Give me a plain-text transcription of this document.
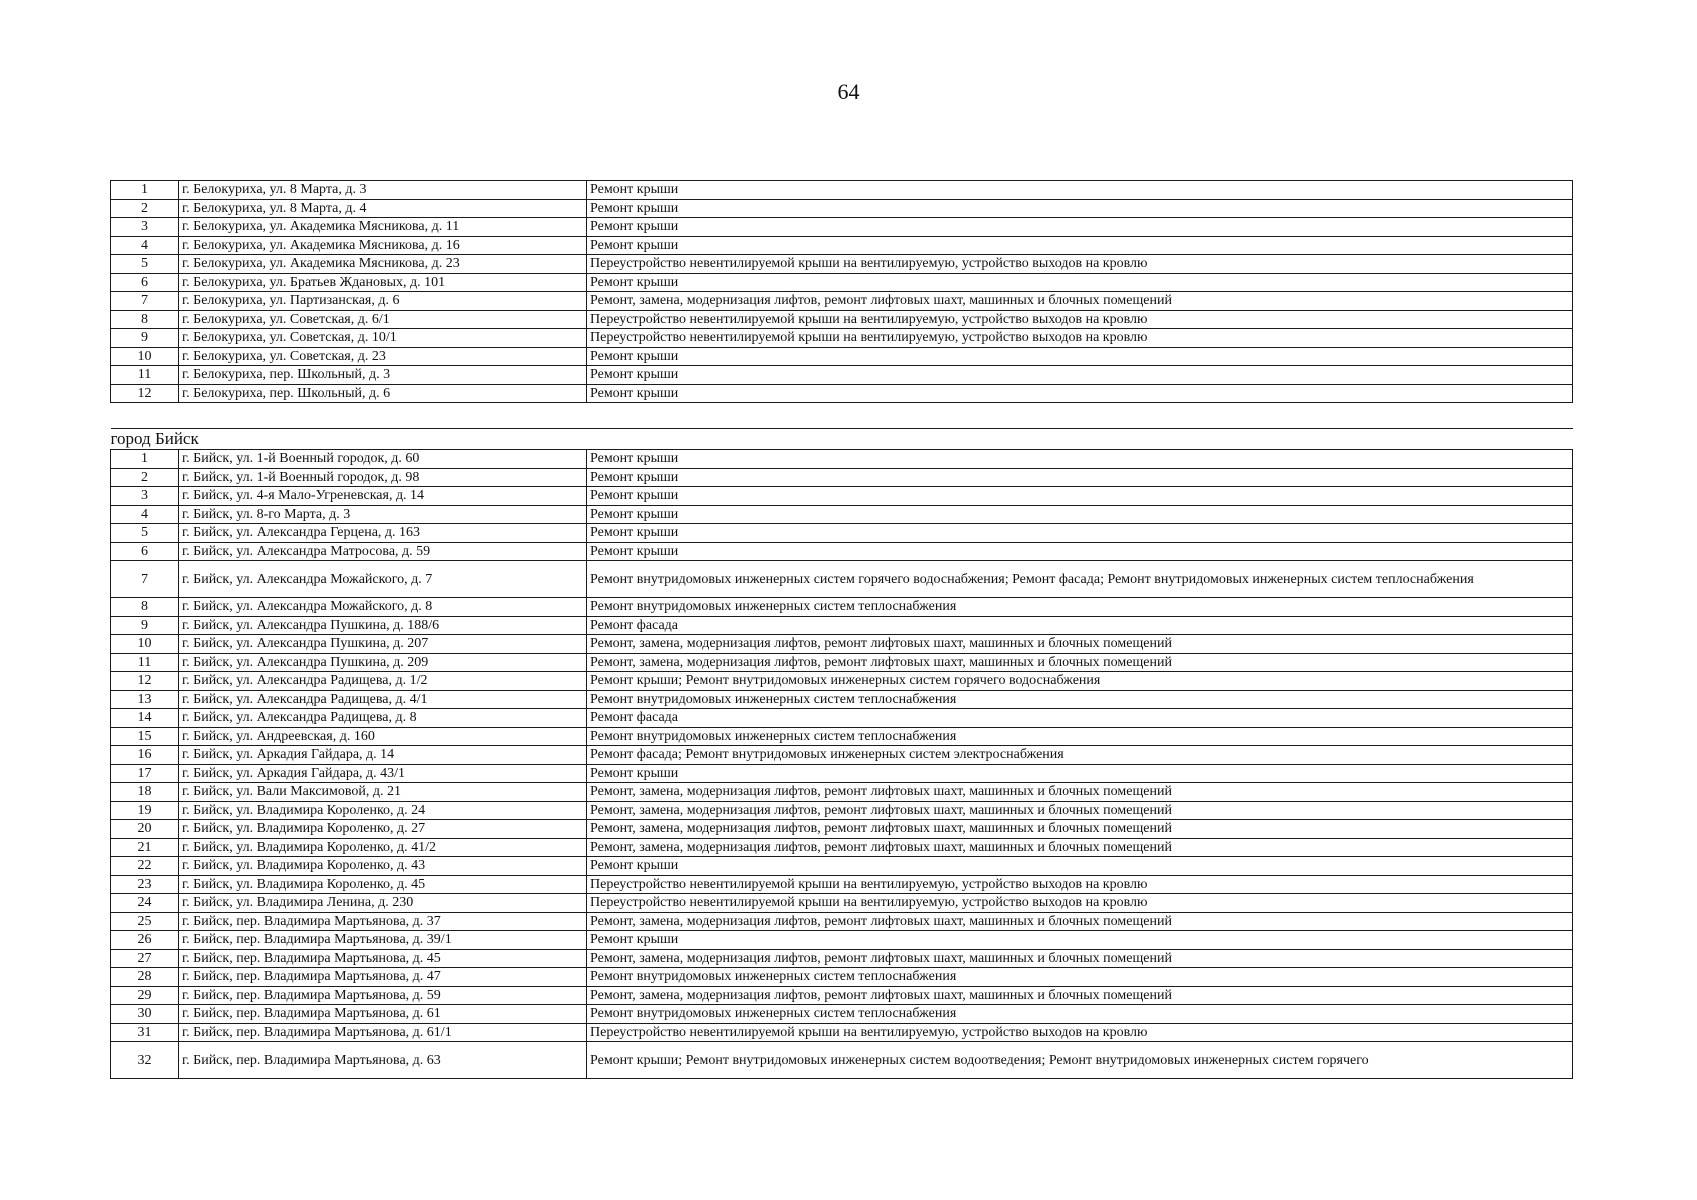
64
1	г. Белокуриха, ул. 8 Марта, д. 3	Ремонт крыши
2	г. Белокуриха, ул. 8 Марта, д. 4	Ремонт крыши
3	г. Белокуриха, ул. Академика Мясникова, д. 11	Ремонт крыши
4	г. Белокуриха, ул. Академика Мясникова, д. 16	Ремонт крыши
5	г. Белокуриха, ул. Академика Мясникова, д. 23	Переустройство невентилируемой крыши на вентилируемую, устройство выходов на кровлю
6	г. Белокуриха, ул. Братьев Ждановых, д. 101	Ремонт крыши
7	г. Белокуриха, ул. Партизанская, д. 6	Ремонт, замена, модернизация лифтов, ремонт лифтовых шахт, машинных и блочных помещений
8	г. Белокуриха, ул. Советская, д. 6/1	Переустройство невентилируемой крыши на вентилируемую, устройство выходов на кровлю
9	г. Белокуриха, ул. Советская, д. 10/1	Переустройство невентилируемой крыши на вентилируемую, устройство выходов на кровлю
10	г. Белокуриха, ул. Советская, д. 23	Ремонт крыши
11	г. Белокуриха, пер. Школьный, д. 3	Ремонт крыши
12	г. Белокуриха, пер. Школьный, д. 6	Ремонт крыши

город Бийск		
1	г. Бийск, ул. 1-й Военный городок, д. 60	Ремонт крыши
2	г. Бийск, ул. 1-й Военный городок, д. 98	Ремонт крыши
3	г. Бийск, ул. 4-я Мало-Угреневская, д. 14	Ремонт крыши
4	г. Бийск, ул. 8-го Марта, д. 3	Ремонт крыши
5	г. Бийск, ул. Александра Герцена, д. 163	Ремонт крыши
6	г. Бийск, ул. Александра Матросова, д. 59	Ремонт крыши
7	г. Бийск, ул. Александра Можайского, д. 7	Ремонт внутридомовых инженерных систем горячего водоснабжения; Ремонт фасада; Ремонт внутридомовых инженерных систем теплоснабжения
8	г. Бийск, ул. Александра Можайского, д. 8	Ремонт внутридомовых инженерных систем теплоснабжения
9	г. Бийск, ул. Александра Пушкина, д. 188/6	Ремонт фасада
10	г. Бийск, ул. Александра Пушкина, д. 207	Ремонт, замена, модернизация лифтов, ремонт лифтовых шахт, машинных и блочных помещений
11	г. Бийск, ул. Александра Пушкина, д. 209	Ремонт, замена, модернизация лифтов, ремонт лифтовых шахт, машинных и блочных помещений
12	г. Бийск, ул. Александра Радищева, д. 1/2	Ремонт крыши; Ремонт внутридомовых инженерных систем горячего водоснабжения
13	г. Бийск, ул. Александра Радищева, д. 4/1	Ремонт внутридомовых инженерных систем теплоснабжения
14	г. Бийск, ул. Александра Радищева, д. 8	Ремонт фасада
15	г. Бийск, ул. Андреевская, д. 160	Ремонт внутридомовых инженерных систем теплоснабжения
16	г. Бийск, ул. Аркадия Гайдара, д. 14	Ремонт фасада; Ремонт внутридомовых инженерных систем электроснабжения
17	г. Бийск, ул. Аркадия Гайдара, д. 43/1	Ремонт крыши
18	г. Бийск, ул. Вали Максимовой, д. 21	Ремонт, замена, модернизация лифтов, ремонт лифтовых шахт, машинных и блочных помещений
19	г. Бийск, ул. Владимира Короленко, д. 24	Ремонт, замена, модернизация лифтов, ремонт лифтовых шахт, машинных и блочных помещений
20	г. Бийск, ул. Владимира Короленко, д. 27	Ремонт, замена, модернизация лифтов, ремонт лифтовых шахт, машинных и блочных помещений
21	г. Бийск, ул. Владимира Короленко, д. 41/2	Ремонт, замена, модернизация лифтов, ремонт лифтовых шахт, машинных и блочных помещений
22	г. Бийск, ул. Владимира Короленко, д. 43	Ремонт крыши
23	г. Бийск, ул. Владимира Короленко, д. 45	Переустройство невентилируемой крыши на вентилируемую, устройство выходов на кровлю
24	г. Бийск, ул. Владимира Ленина, д. 230	Переустройство невентилируемой крыши на вентилируемую, устройство выходов на кровлю
25	г. Бийск, пер. Владимира Мартьянова, д. 37	Ремонт, замена, модернизация лифтов, ремонт лифтовых шахт, машинных и блочных помещений
26	г. Бийск, пер. Владимира Мартьянова, д. 39/1	Ремонт крыши
27	г. Бийск, пер. Владимира Мартьянова, д. 45	Ремонт, замена, модернизация лифтов, ремонт лифтовых шахт, машинных и блочных помещений
28	г. Бийск, пер. Владимира Мартьянова, д. 47	Ремонт внутридомовых инженерных систем теплоснабжения
29	г. Бийск, пер. Владимира Мартьянова, д. 59	Ремонт, замена, модернизация лифтов, ремонт лифтовых шахт, машинных и блочных помещений
30	г. Бийск, пер. Владимира Мартьянова, д. 61	Ремонт внутридомовых инженерных систем теплоснабжения
31	г. Бийск, пер. Владимира Мартьянова, д. 61/1	Переустройство невентилируемой крыши на вентилируемую, устройство выходов на кровлю
32	г. Бийск, пер. Владимира Мартьянова, д. 63	Ремонт крыши; Ремонт внутридомовых инженерных систем водоотведения; Ремонт внутридомовых инженерных систем горячего
